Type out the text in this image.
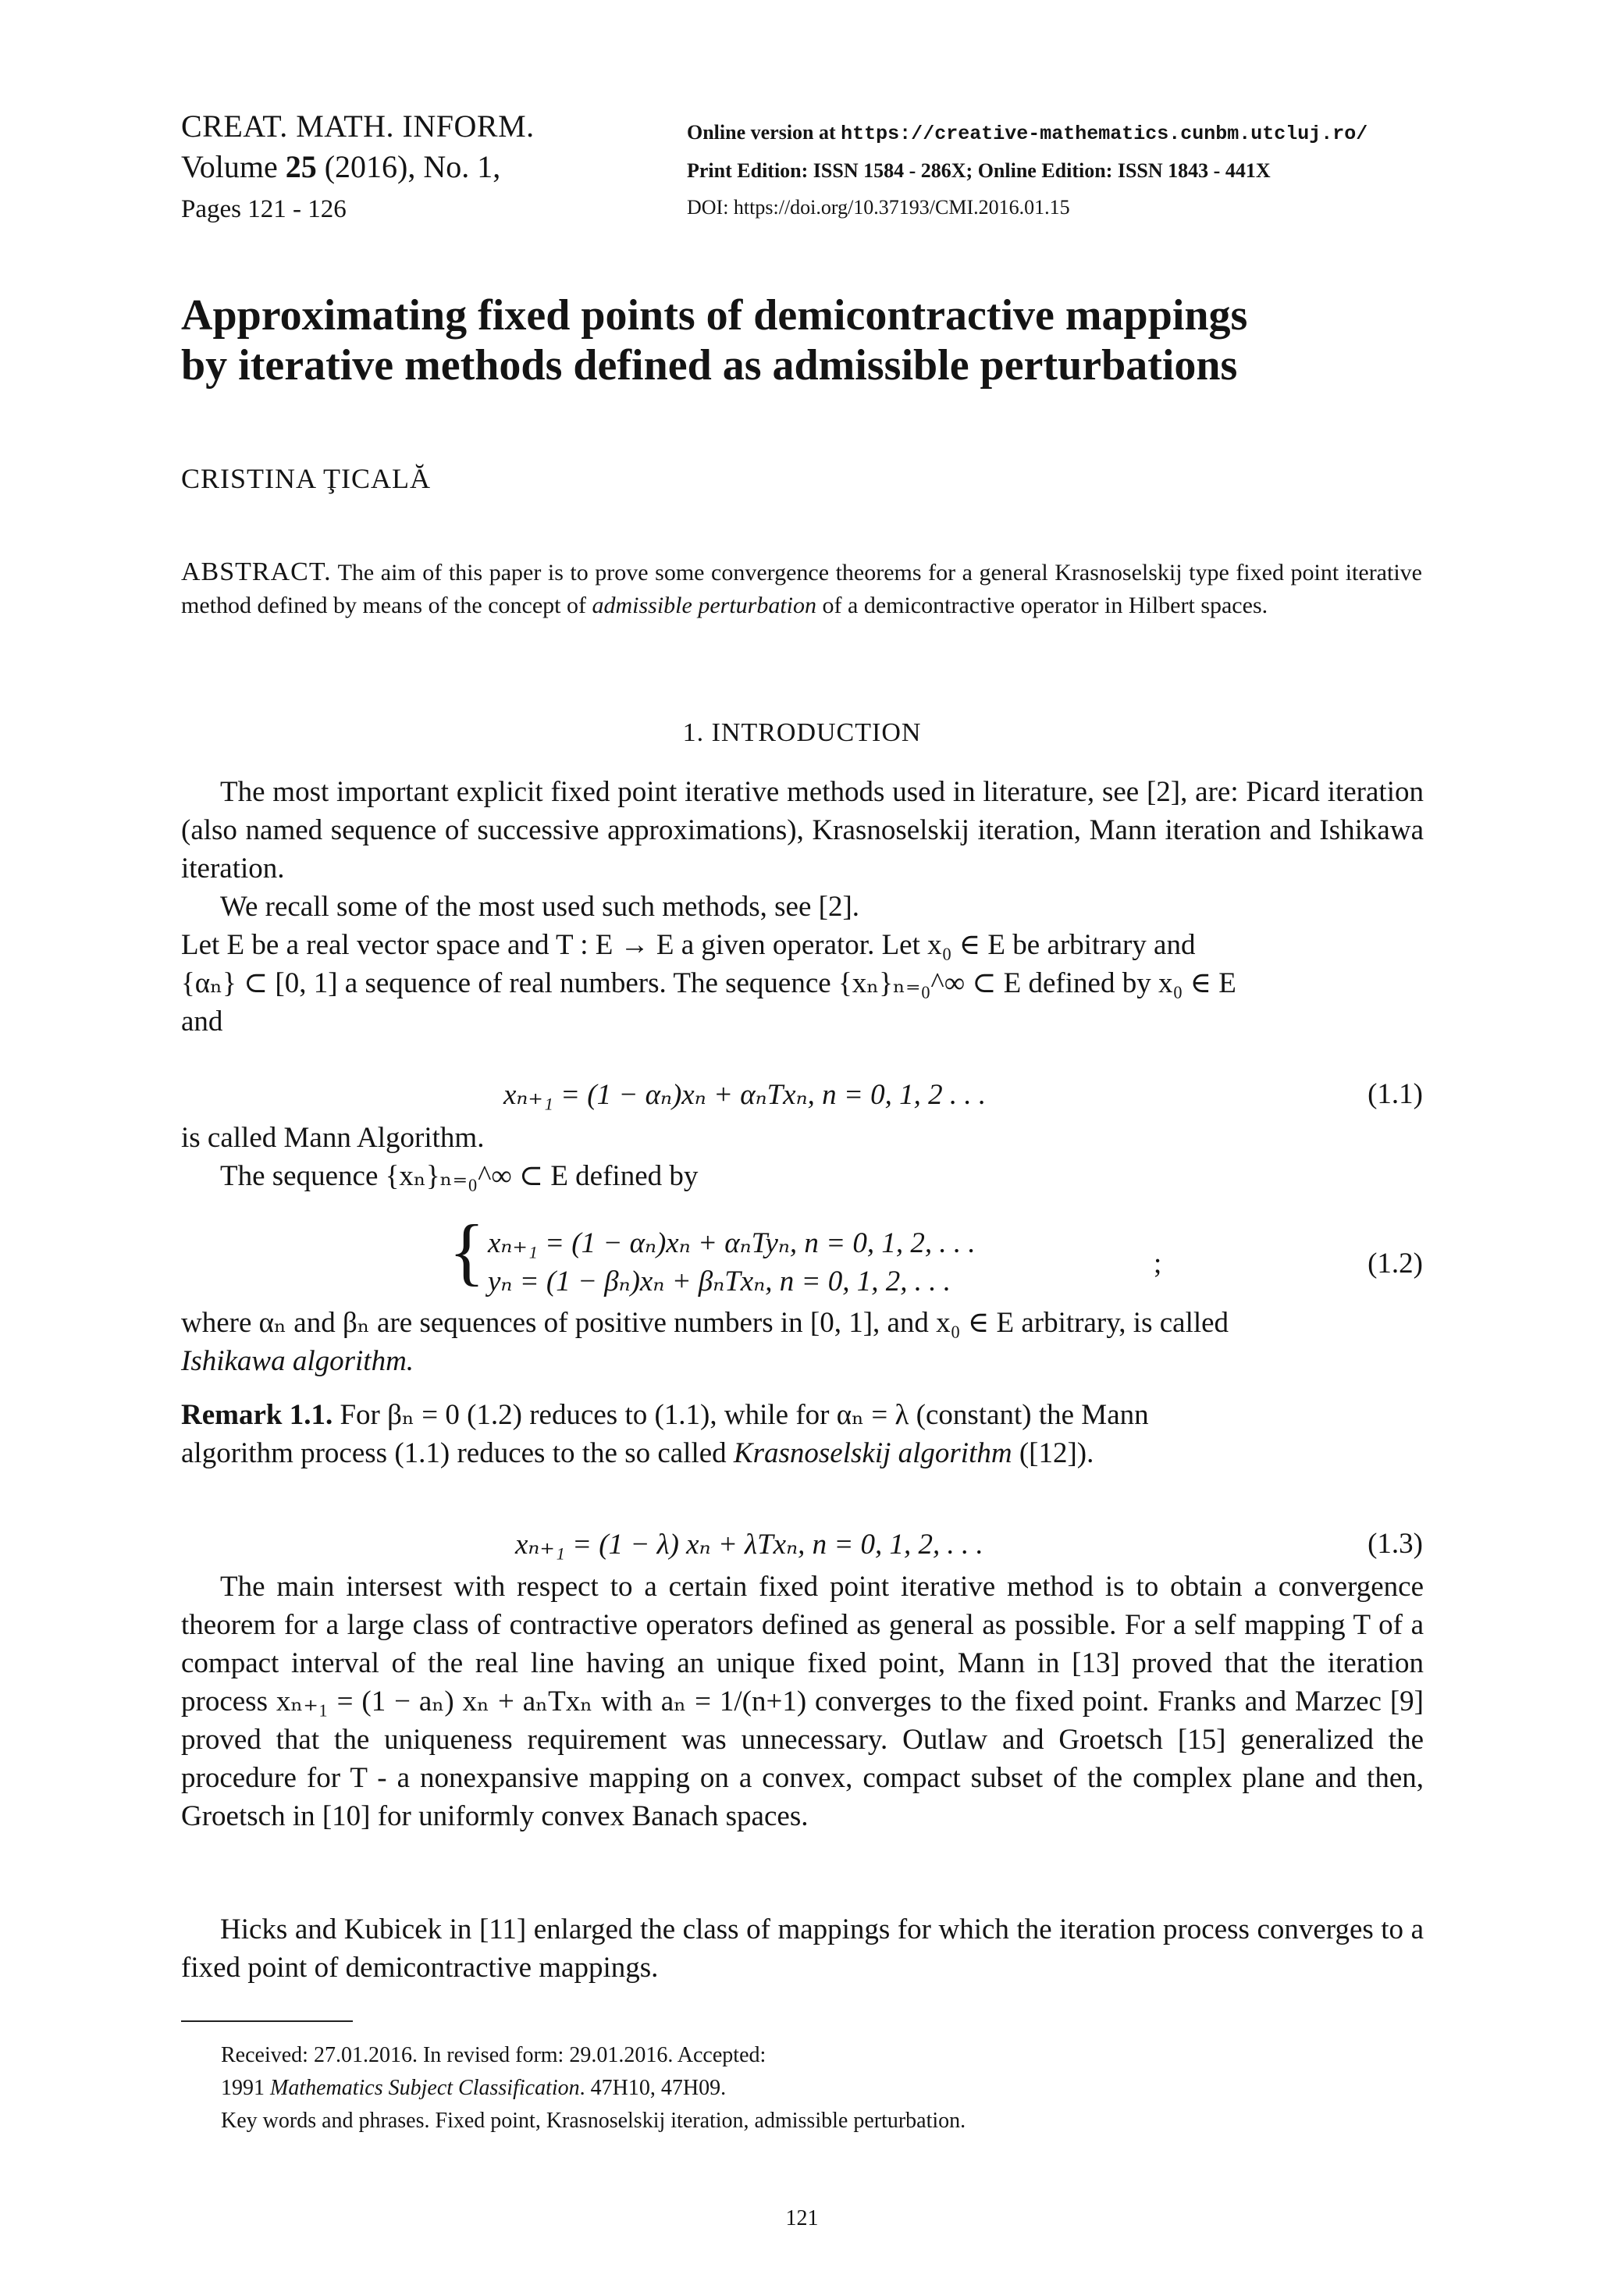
CREAT. MATH. INFORM.
Volume 25 (2016), No. 1,
Pages 121 - 126
Online version at https://creative-mathematics.cunbm.utcluj.ro/
Print Edition: ISSN 1584 - 286X; Online Edition: ISSN 1843 - 441X
DOI: https://doi.org/10.37193/CMI.2016.01.15
Approximating fixed points of demicontractive mappings
by iterative methods defined as admissible perturbations
CRISTINA ŢICALĂ
ABSTRACT. The aim of this paper is to prove some convergence theorems for a general Krasnoselskij type fixed point iterative method defined by means of the concept of admissible perturbation of a demicontractive operator in Hilbert spaces.
1. INTRODUCTION
The most important explicit fixed point iterative methods used in literature, see [2], are: Picard iteration (also named sequence of successive approximations), Krasnoselskij iteration, Mann iteration and Ishikawa iteration.
We recall some of the most used such methods, see [2].
Let E be a real vector space and T : E → E a given operator. Let x₀ ∈ E be arbitrary and
{αₙ} ⊂ [0, 1] a sequence of real numbers. The sequence {xₙ}ₙ₌₀^∞ ⊂ E defined by x₀ ∈ E
and
xₙ₊₁ = (1 − αₙ)xₙ + αₙTxₙ, n = 0, 1, 2 . . .	(1.1)
is called Mann Algorithm.
The sequence {xₙ}ₙ₌₀^∞ ⊂ E defined by
{ xₙ₊₁ = (1 − αₙ)xₙ + αₙTyₙ, n = 0, 1, 2, . . .
yₙ = (1 − βₙ)xₙ + βₙTxₙ, n = 0, 1, 2, . . .
;	(1.2)
where αₙ and βₙ are sequences of positive numbers in [0, 1], and x₀ ∈ E arbitrary, is called
Ishikawa algorithm.
Remark 1.1. For βₙ = 0 (1.2) reduces to (1.1), while for αₙ = λ (constant) the Mann
algorithm process (1.1) reduces to the so called Krasnoselskij algorithm ([12]).
xₙ₊₁ = (1 − λ) xₙ + λTxₙ, n = 0, 1, 2, . . .	(1.3)
The main intersest with respect to a certain fixed point iterative method is to obtain a convergence theorem for a large class of contractive operators defined as general as possible. For a self mapping T of a compact interval of the real line having an unique fixed point, Mann in [13] proved that the iteration process xₙ₊₁ = (1 − aₙ) xₙ + aₙTxₙ with aₙ = 1/(n+1) converges to the fixed point. Franks and Marzec [9] proved that the uniqueness requirement was unnecessary. Outlaw and Groetsch [15] generalized the procedure for T - a nonexpansive mapping on a convex, compact subset of the complex plane and then, Groetsch in [10] for uniformly convex Banach spaces.
Hicks and Kubicek in [11] enlarged the class of mappings for which the iteration process converges to a fixed point of demicontractive mappings.
Received: 27.01.2016. In revised form: 29.01.2016. Accepted:
1991 Mathematics Subject Classification. 47H10, 47H09.
Key words and phrases. Fixed point, Krasnoselskij iteration, admissible perturbation.
121
